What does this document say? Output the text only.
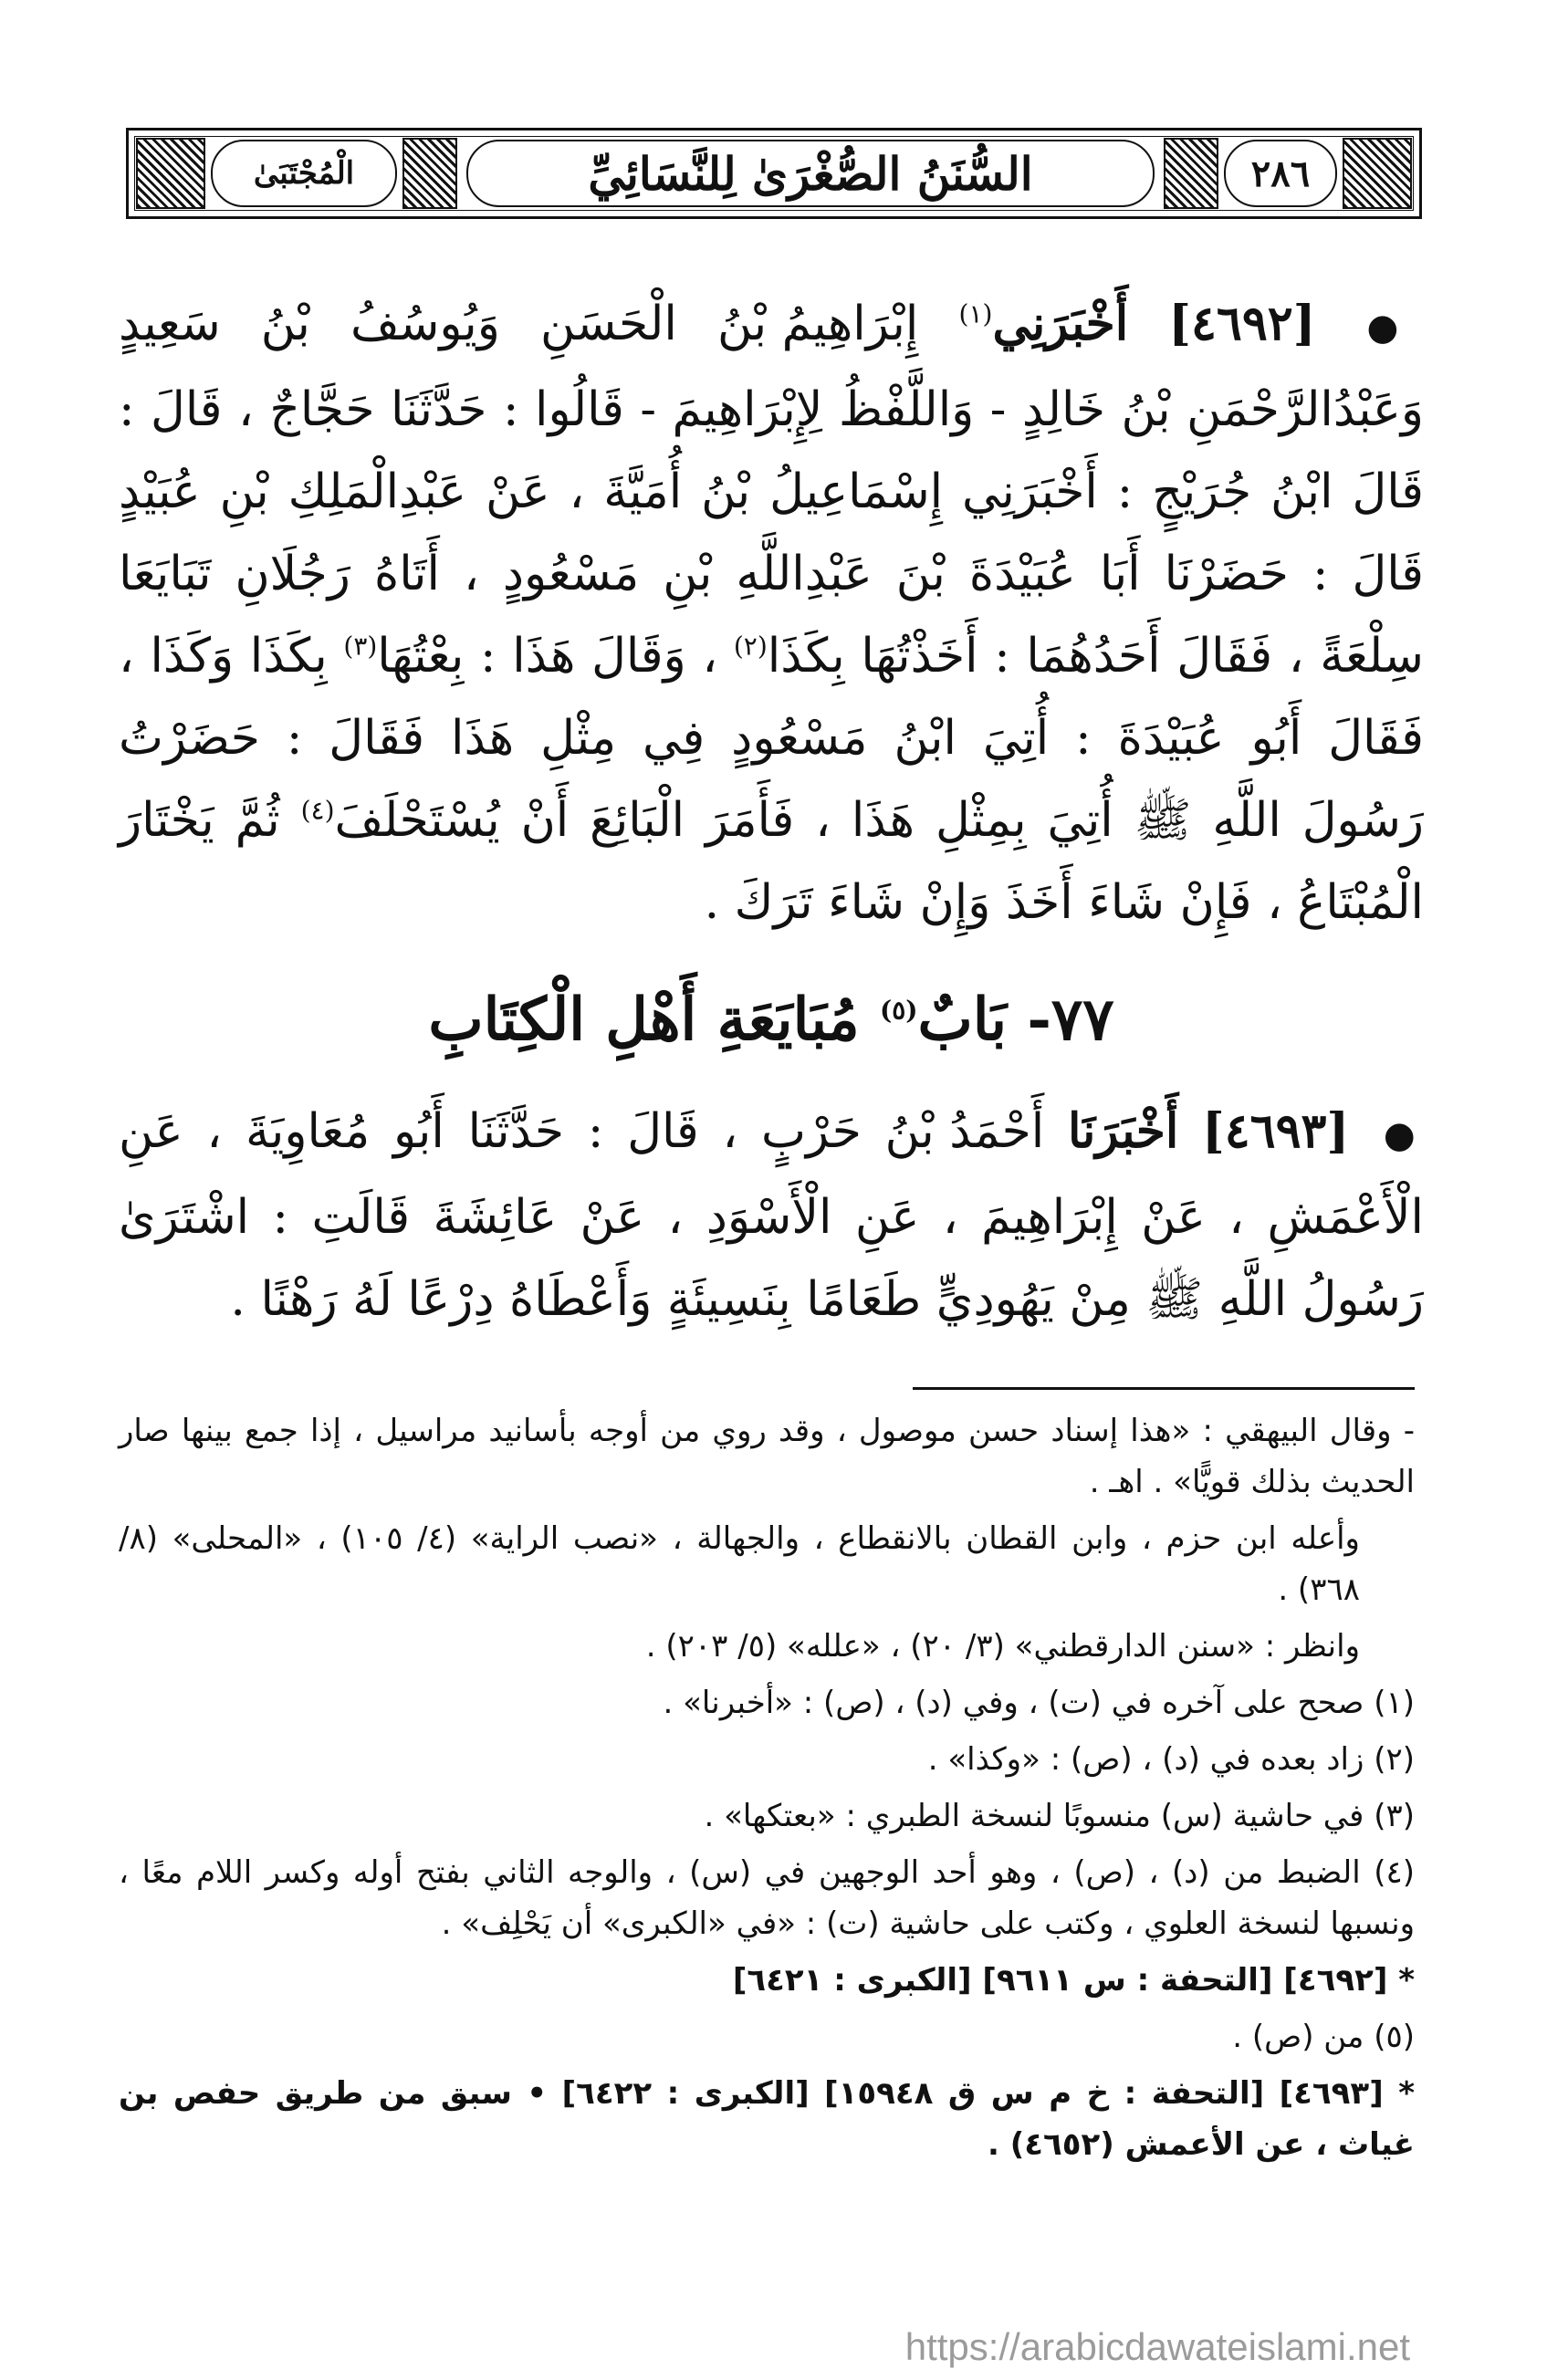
الْمُجْتَبَىٰ	السُّنَنُ الصُّغْرَىٰ لِلنَّسَائِيِّ	٢٨٦

● [٤٦٩٢] أَخْبَرَنِي$^{(١)}$ إِبْرَاهِيمُ بْنُ الْحَسَنِ وَيُوسُفُ بْنُ سَعِيدٍ وَعَبْدُالرَّحْمَنِ بْنُ خَالِدٍ - وَاللَّفْظُ لِإِبْرَاهِيمَ - قَالُوا : حَدَّثَنَا حَجَّاجٌ ، قَالَ : قَالَ ابْنُ جُرَيْجٍ : أَخْبَرَنِي إِسْمَاعِيلُ بْنُ أُمَيَّةَ ، عَنْ عَبْدِالْمَلِكِ بْنِ عُبَيْدٍ قَالَ : حَضَرْنَا أَبَا عُبَيْدَةَ بْنَ عَبْدِاللَّهِ بْنِ مَسْعُودٍ ، أَتَاهُ رَجُلَانِ تَبَايَعَا سِلْعَةً ، فَقَالَ أَحَدُهُمَا : أَخَذْتُهَا بِكَذَا$^{(٢)}$ ، وَقَالَ هَذَا : بِعْتُهَا$^{(٣)}$ بِكَذَا وَكَذَا ، فَقَالَ أَبُو عُبَيْدَةَ : أُتِيَ ابْنُ مَسْعُودٍ فِي مِثْلِ هَذَا فَقَالَ : حَضَرْتُ رَسُولَ اللَّهِ ﷺ أُتِيَ بِمِثْلِ هَذَا ، فَأَمَرَ الْبَائِعَ أَنْ يُسْتَحْلَفَ$^{(٤)}$ ثُمَّ يَخْتَارَ الْمُبْتَاعُ ، فَإِنْ شَاءَ أَخَذَ وَإِنْ شَاءَ تَرَكَ .

٧٧- بَابٌ$^{(٥)}$ مُبَايَعَةِ أَهْلِ الْكِتَابِ

● [٤٦٩٣] أَخْبَرَنَا أَحْمَدُ بْنُ حَرْبٍ ، قَالَ : حَدَّثَنَا أَبُو مُعَاوِيَةَ ، عَنِ الْأَعْمَشِ ، عَنْ إِبْرَاهِيمَ ، عَنِ الْأَسْوَدِ ، عَنْ عَائِشَةَ قَالَتِ : اشْتَرَىٰ رَسُولُ اللَّهِ ﷺ مِنْ يَهُودِيٍّ طَعَامًا بِنَسِيئَةٍ وَأَعْطَاهُ دِرْعًا لَهُ رَهْنًا .

- وقال البيهقي : «هذا إسناد حسن موصول ، وقد روي من أوجه بأسانيد مراسيل ، إذا جمع بينها صار الحديث بذلك قويًّا» . اهـ .

وأعله ابن حزم ، وابن القطان بالانقطاع ، والجهالة ، «نصب الراية» (٤/ ١٠٥) ، «المحلى» (٨/ ٣٦٨) .

وانظر : «سنن الدارقطني» (٣/ ٢٠) ، «علله» (٥/ ٢٠٣) .

(١) صحح على آخره في (ت) ، وفي (د) ، (ص) : «أخبرنا» .

(٢) زاد بعده في (د) ، (ص) : «وكذا» .

(٣) في حاشية (س) منسوبًا لنسخة الطبري : «بعتكها» .

(٤) الضبط من (د) ، (ص) ، وهو أحد الوجهين في (س) ، والوجه الثاني بفتح أوله وكسر اللام معًا ، ونسبها لنسخة العلوي ، وكتب على حاشية (ت) : «في «الكبرى» أن يَحْلِف» .

* [٤٦٩٢] [التحفة : س ٩٦١١] [الكبرى : ٦٤٢١]

(٥) من (ص) .

* [٤٦٩٣] [التحفة : خ م س ق ١٥٩٤٨] [الكبرى : ٦٤٢٢] • سبق من طريق حفص بن غياث ، عن الأعمش (٤٦٥٢) .

https://arabicdawateislami.net
